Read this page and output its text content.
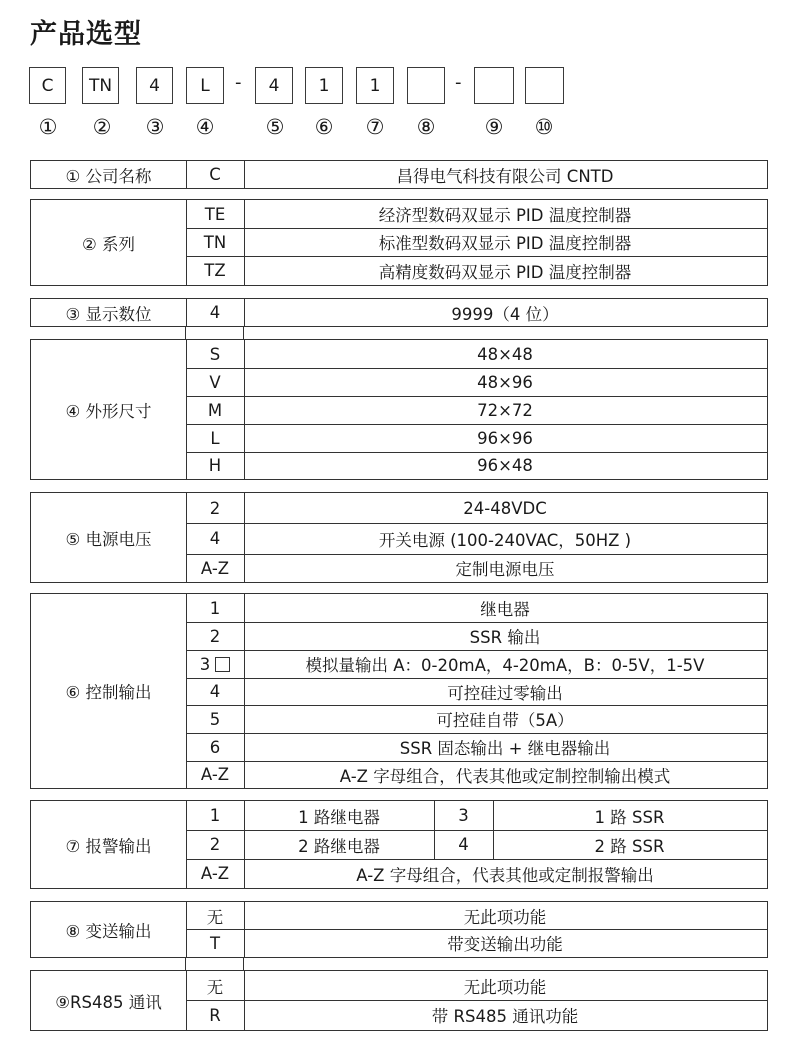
产品选型
C	TN	4	L	-	4	1	1	-
① ② ③ ④ ⑤ ⑥ ⑦ ⑧ ⑨ ⑩
① 公司名称	C	昌得电气科技有限公司 CNTD
② 系列
TE	经济型数码双显示 PID 温度控制器
TN	标准型数码双显示 PID 温度控制器
TZ	高精度数码双显示 PID 温度控制器
③ 显示数位	4	9999（4 位）
④ 外形尺寸
S	48×48
V	48×96
M	72×72
L	96×96
H	96×48
⑤ 电源电压
2	24-48VDC
4	开关电源 (100-240VAC，50HZ )
A-Z	定制电源电压
⑥ 控制输出
1	继电器
2	SSR 输出
3	模拟量输出 A：0-20mA，4-20mA，B：0-5V，1-5V
4	可控硅过零输出
5	可控硅自带（5A）
6	SSR 固态输出 + 继电器输出
A-Z	A-Z 字母组合，代表其他或定制控制输出模式
⑦ 报警输出
1	1 路继电器	3	1 路 SSR
2	2 路继电器	4	2 路 SSR
A-Z	A-Z 字母组合，代表其他或定制报警输出
⑧ 变送输出
无	无此项功能
T	带变送输出功能
⑨RS485 通讯
无	无此项功能
R	带 RS485 通讯功能
